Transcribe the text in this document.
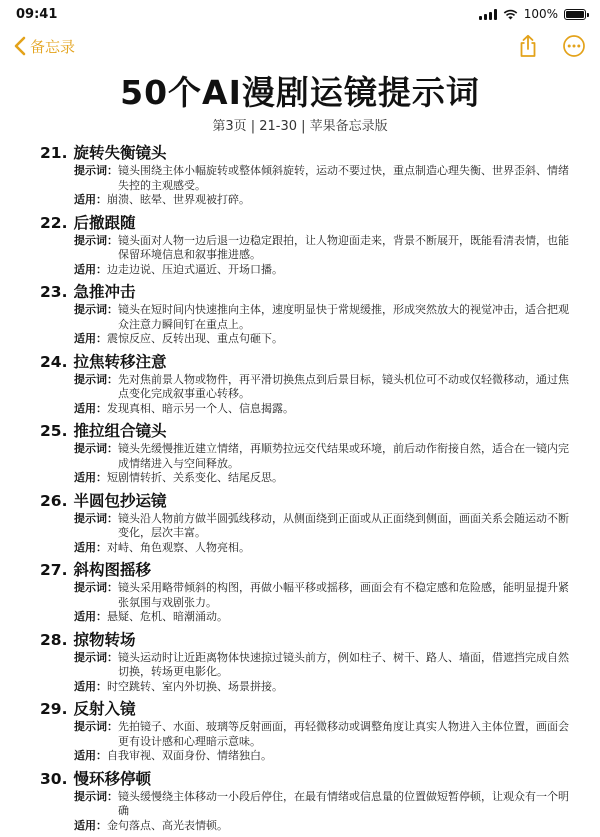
09:41	100%
备忘录
50个AI漫剧运镜提示词
第3页 | 21-30 | 苹果备忘录版
21. 旋转失衡镜头
提示词： 镜头围绕主体小幅旋转或整体倾斜旋转，运动不要过快，重点制造心理失衡、世界歪斜、情绪失控的主观感受。
适用： 崩溃、眩晕、世界观被打碎。
22. 后撤跟随
提示词： 镜头面对人物一边后退一边稳定跟拍，让人物迎面走来，背景不断展开，既能看清表情，也能保留环境信息和叙事推进感。
适用： 边走边说、压迫式逼近、开场口播。
23. 急推冲击
提示词： 镜头在短时间内快速推向主体，速度明显快于常规缓推，形成突然放大的视觉冲击，适合把观众注意力瞬间钉在重点上。
适用： 震惊反应、反转出现、重点句砸下。
24. 拉焦转移注意
提示词： 先对焦前景人物或物件，再平滑切换焦点到后景目标，镜头机位可不动或仅轻微移动，通过焦点变化完成叙事重心转移。
适用： 发现真相、暗示另一个人、信息揭露。
25. 推拉组合镜头
提示词： 镜头先缓慢推近建立情绪，再顺势拉远交代结果或环境，前后动作衔接自然，适合在一镜内完成情绪进入与空间释放。
适用： 短剧情转折、关系变化、结尾反思。
26. 半圆包抄运镜
提示词： 镜头沿人物前方做半圆弧线移动，从侧面绕到正面或从正面绕到侧面，画面关系会随运动不断变化，层次丰富。
适用： 对峙、角色观察、人物亮相。
27. 斜构图摇移
提示词： 镜头采用略带倾斜的构图，再做小幅平移或摇移，画面会有不稳定感和危险感，能明显提升紧张氛围与戏剧张力。
适用： 悬疑、危机、暗潮涌动。
28. 掠物转场
提示词： 镜头运动时让近距离物体快速掠过镜头前方，例如柱子、树干、路人、墙面，借遮挡完成自然切换，转场更电影化。
适用： 时空跳转、室内外切换、场景拼接。
29. 反射入镜
提示词： 先拍镜子、水面、玻璃等反射画面，再轻微移动或调整角度让真实人物进入主体位置，画面会更有设计感和心理暗示意味。
适用： 自我审视、双面身份、情绪独白。
30. 慢环移停顿
提示词： 镜头缓慢绕主体移动一小段后停住，在最有情绪或信息量的位置做短暂停顿，让观众有一个明确
适用： 金句落点、高光表情顿。
